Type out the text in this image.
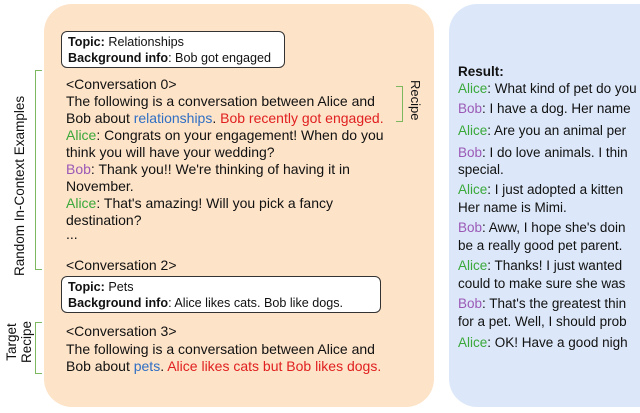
Random In-Context Examples
Target Recipe
Topic: Relationships
Background info: Bob got engaged
<Conversation 0>	Recipe
The following is a conversation between Alice and
Bob about relationships. Bob recently got engaged.
Alice: Congrats on your engagement! When do you
think you will have your wedding?
Bob: Thank you!! We're thinking of having it in
November.
Alice: That's amazing! Will you pick a fancy
destination?
...
<Conversation 2>
Topic: Pets
Background info: Alice likes cats. Bob like dogs.
<Conversation 3>
The following is a conversation between Alice and
Bob about pets. Alice likes cats but Bob likes dogs.
Result:
Alice: What kind of pet do you
Bob: I have a dog. Her name
Alice: Are you an animal per
Bob: I do love animals. I thin
special.
Alice: I just adopted a kitten
Her name is Mimi.
Bob: Aww, I hope she's doin
be a really good pet parent.
Alice: Thanks! I just wanted
could to make sure she was
Bob: That's the greatest thin
for a pet. Well, I should prob
Alice: OK! Have a good nigh
